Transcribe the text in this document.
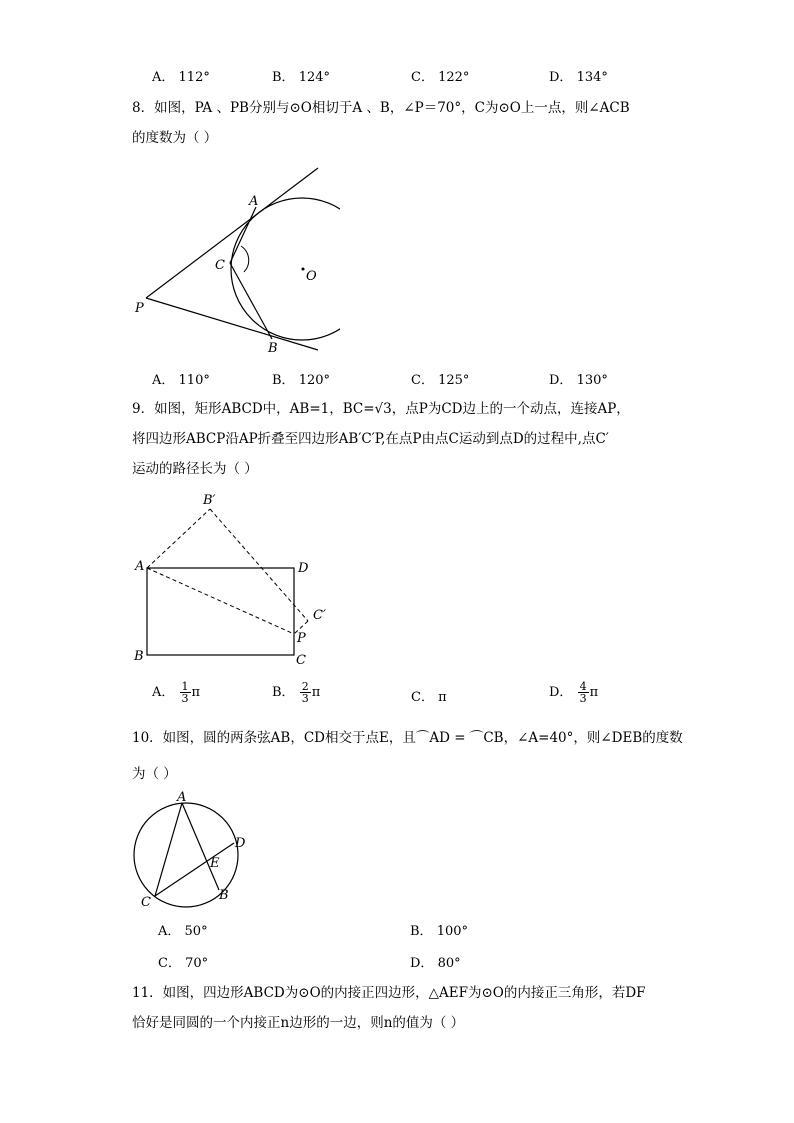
A． 112°	B． 124°	C． 122°	D． 134°
8．如图，PA 、PB分别与⊙O相切于A 、B，∠P＝70°，C为⊙O上一点，则∠ACB
的度数为（ ）
A
C
O
P
B
A． 110°	B． 120°	C． 125°	D． 130°
9．如图，矩形ABCD中，AB=1，BC=√3，点P为CD边上的一个动点，连接AP，
将四边形ABCP沿AP折叠至四边形AB′C′P,在点P由点C运动到点D的过程中,点C′
运动的路径长为（ ）
B′
A	D
C′
P
B	C
A． $\frac{1}{3}$ π	B． $\frac{2}{3}$ π	C． π	D． $\frac{4}{3}$ π
10．如图，圆的两条弦AB，CD相交于点E，且⌒AD = ⌒CB，∠A=40°，则∠DEB的度数
为（ ）
A
D
E
B
C
A． 50°	B． 100°
C． 70°	D． 80°
11．如图，四边形ABCD为⊙O的内接正四边形，△AEF为⊙O的内接正三角形，若DF
恰好是同圆的一个内接正n边形的一边，则n的值为（ ）
